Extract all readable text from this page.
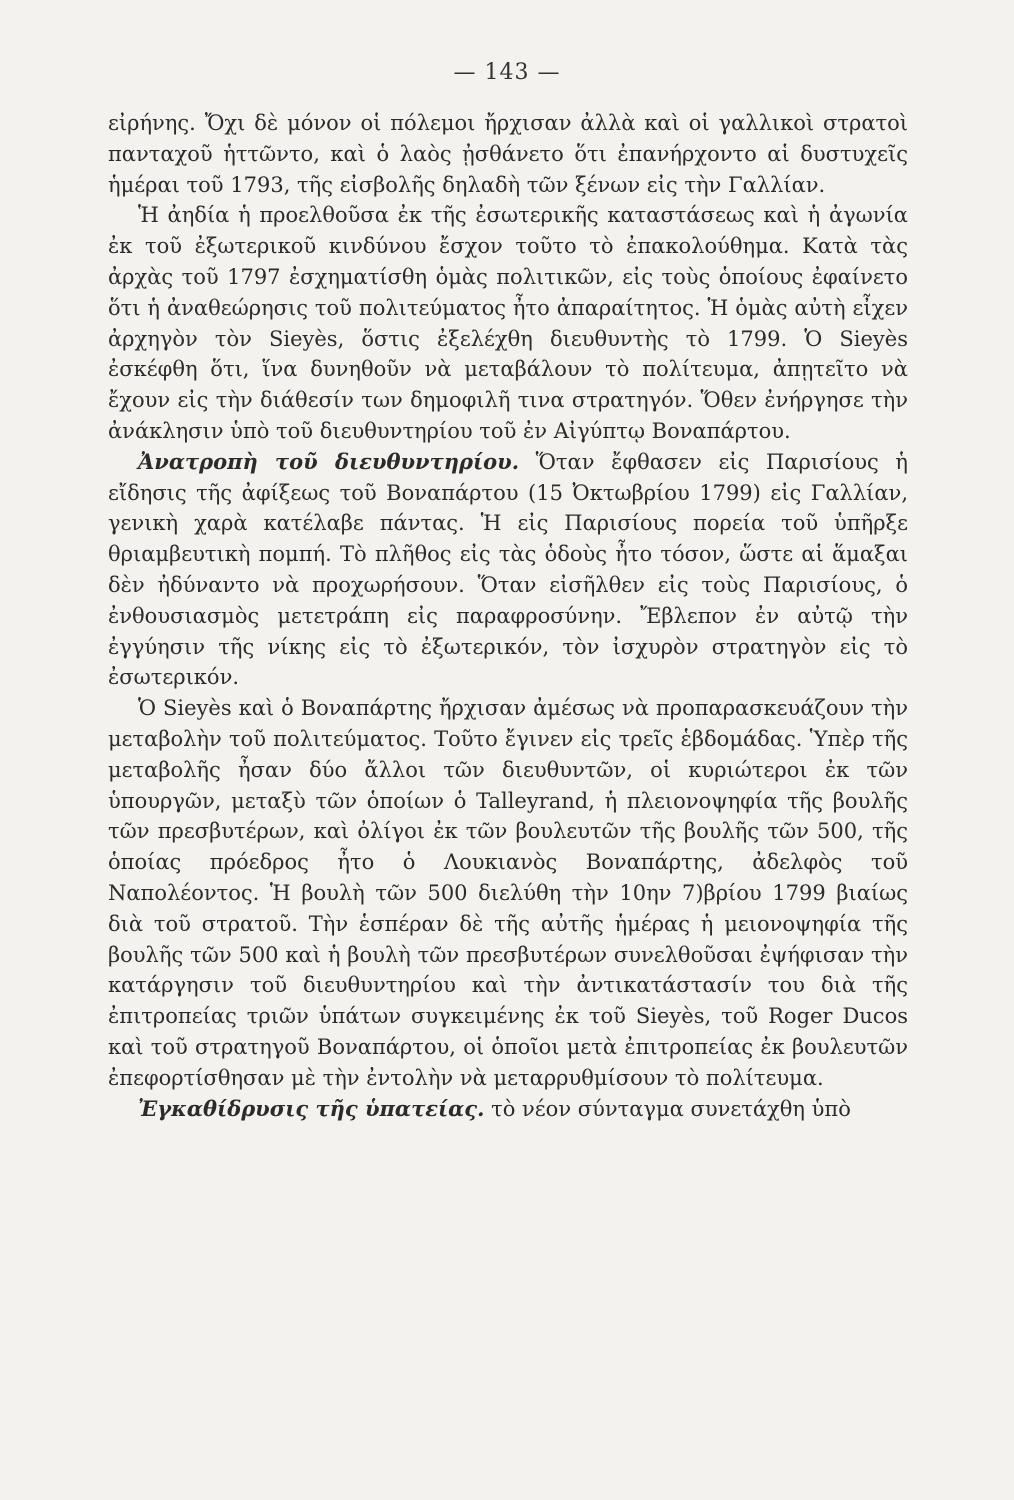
— 143 —

εἰρήνης. Ὄχι δὲ μόνον οἱ πόλεμοι ἤρχισαν ἀλλὰ καὶ οἱ γαλλικοὶ στρατοὶ πανταχοῦ ἡττῶντο, καὶ ὁ λαὸς ᾐσθάνετο ὅτι ἐπανήρχοντο αἱ δυστυχεῖς ἡμέραι τοῦ 1793, τῆς εἰσβολῆς δηλαδὴ τῶν ξένων εἰς τὴν Γαλλίαν.

Ἡ ἀηδία ἡ προελθοῦσα ἐκ τῆς ἐσωτερικῆς καταστάσεως καὶ ἡ ἀγωνία ἐκ τοῦ ἐξωτερικοῦ κινδύνου ἔσχον τοῦτο τὸ ἐπακολούθημα. Κατὰ τὰς ἀρχὰς τοῦ 1797 ἐσχηματίσθη ὁμὰς πολιτικῶν, εἰς τοὺς ὁποίους ἐφαίνετο ὅτι ἡ ἀναθεώρησις τοῦ πολιτεύματος ἦτο ἀπαραίτητος. Ἡ ὁμὰς αὐτὴ εἶχεν ἀρχηγὸν τὸν Sieyès, ὅστις ἐξελέχθη διευθυντὴς τὸ 1799. Ὁ Sieyès ἐσκέφθη ὅτι, ἵνα δυνηθοῦν νὰ μεταβάλουν τὸ πολίτευμα, ἀπῃτεῖτο νὰ ἔχουν εἰς τὴν διάθεσίν των δημοφιλῆ τινα στρατηγόν. Ὅθεν ἐνήργησε τὴν ἀνάκλησιν ὑπὸ τοῦ διευθυντηρίου τοῦ ἐν Αἰγύπτῳ Βοναπάρτου.

Ἀνατροπὴ τοῦ διευθυντηρίου. Ὅταν ἔφθασεν εἰς Παρισίους ἡ εἴδησις τῆς ἀφίξεως τοῦ Βοναπάρτου (15 Ὀκτωβρίου 1799) εἰς Γαλλίαν, γενικὴ χαρὰ κατέλαβε πάντας. Ἡ εἰς Παρισίους πορεία τοῦ ὑπῆρξε θριαμβευτικὴ πομπή. Τὸ πλῆθος εἰς τὰς ὁδοὺς ἦτο τόσον, ὥστε αἱ ἅμαξαι δὲν ἠδύναντο νὰ προχωρήσουν. Ὅταν εἰσῆλθεν εἰς τοὺς Παρισίους, ὁ ἐνθουσιασμὸς μετετράπη εἰς παραφροσύνην. Ἔβλεπον ἐν αὐτῷ τὴν ἐγγύησιν τῆς νίκης εἰς τὸ ἐξωτερικόν, τὸν ἰσχυρὸν στρατηγὸν εἰς τὸ ἐσωτερικόν.

Ὁ Sieyès καὶ ὁ Βοναπάρτης ἤρχισαν ἀμέσως νὰ προπαρασκευάζουν τὴν μεταβολὴν τοῦ πολιτεύματος. Τοῦτο ἔγινεν εἰς τρεῖς ἑβδομάδας. Ὑπὲρ τῆς μεταβολῆς ἦσαν δύο ἄλλοι τῶν διευθυντῶν, οἱ κυριώτεροι ἐκ τῶν ὑπουργῶν, μεταξὺ τῶν ὁποίων ὁ Talleyrand, ἡ πλειονοψηφία τῆς βουλῆς τῶν πρεσβυτέρων, καὶ ὀλίγοι ἐκ τῶν βουλευτῶν τῆς βουλῆς τῶν 500, τῆς ὁποίας πρόεδρος ἦτο ὁ Λουκιανὸς Βοναπάρτης, ἀδελφὸς τοῦ Ναπολέοντος. Ἡ βουλὴ τῶν 500 διελύθη τὴν 10ην 7)βρίου 1799 βιαίως διὰ τοῦ στρατοῦ. Τὴν ἑσπέραν δὲ τῆς αὐτῆς ἡμέρας ἡ μειονοψηφία τῆς βουλῆς τῶν 500 καὶ ἡ βουλὴ τῶν πρεσβυτέρων συνελθοῦσαι ἐψήφισαν τὴν κατάργησιν τοῦ διευθυντηρίου καὶ τὴν ἀντικατάστασίν του διὰ τῆς ἐπιτροπείας τριῶν ὑπάτων συγκειμένης ἐκ τοῦ Sieyès, τοῦ Roger Ducos καὶ τοῦ στρατηγοῦ Βοναπάρτου, οἱ ὁποῖοι μετὰ ἐπιτροπείας ἐκ βουλευτῶν ἐπεφορτίσθησαν μὲ τὴν ἐντολὴν νὰ μεταρρυθμίσουν τὸ πολίτευμα.

Ἐγκαθίδρυσις τῆς ὑπατείας. τὸ νέον σύνταγμα συνετάχθη ὑπὸ
